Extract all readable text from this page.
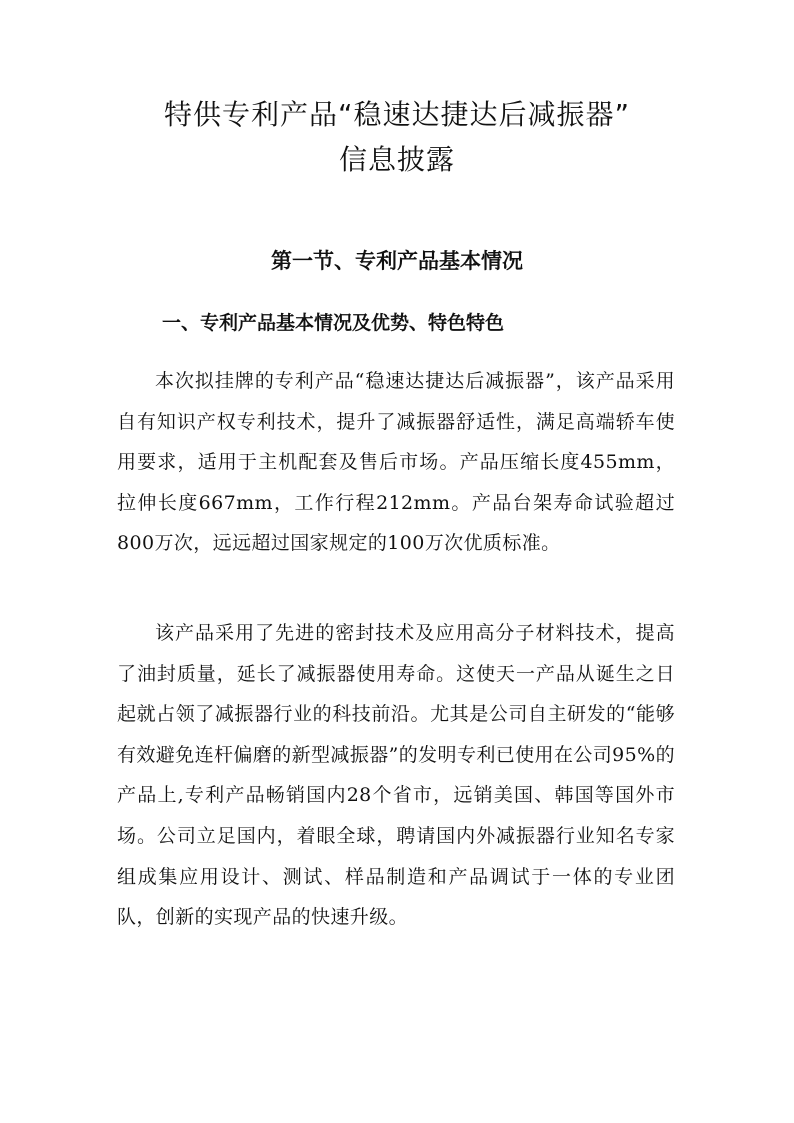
特供专利产品“稳速达捷达后减振器”
信息披露
第一节、专利产品基本情况
一、专利产品基本情况及优势、特色特色

本次拟挂牌的专利产品“稳速达捷达后减振器”，该产品采用自有知识产权专利技术，提升了减振器舒适性，满足高端轿车使用要求，适用于主机配套及售后市场。产品压缩长度455mm，拉伸长度667mm，工作行程212mm。产品台架寿命试验超过800万次，远远超过国家规定的100万次优质标准。

该产品采用了先进的密封技术及应用高分子材料技术，提高了油封质量，延长了减振器使用寿命。这使天一产品从诞生之日起就占领了减振器行业的科技前沿。尤其是公司自主研发的“能够有效避免连杆偏磨的新型减振器”的发明专利已使用在公司95%的产品上,专利产品畅销国内28个省市，远销美国、韩国等国外市场。公司立足国内，着眼全球，聘请国内外减振器行业知名专家组成集应用设计、测试、样品制造和产品调试于一体的专业团队，创新的实现产品的快速升级。
